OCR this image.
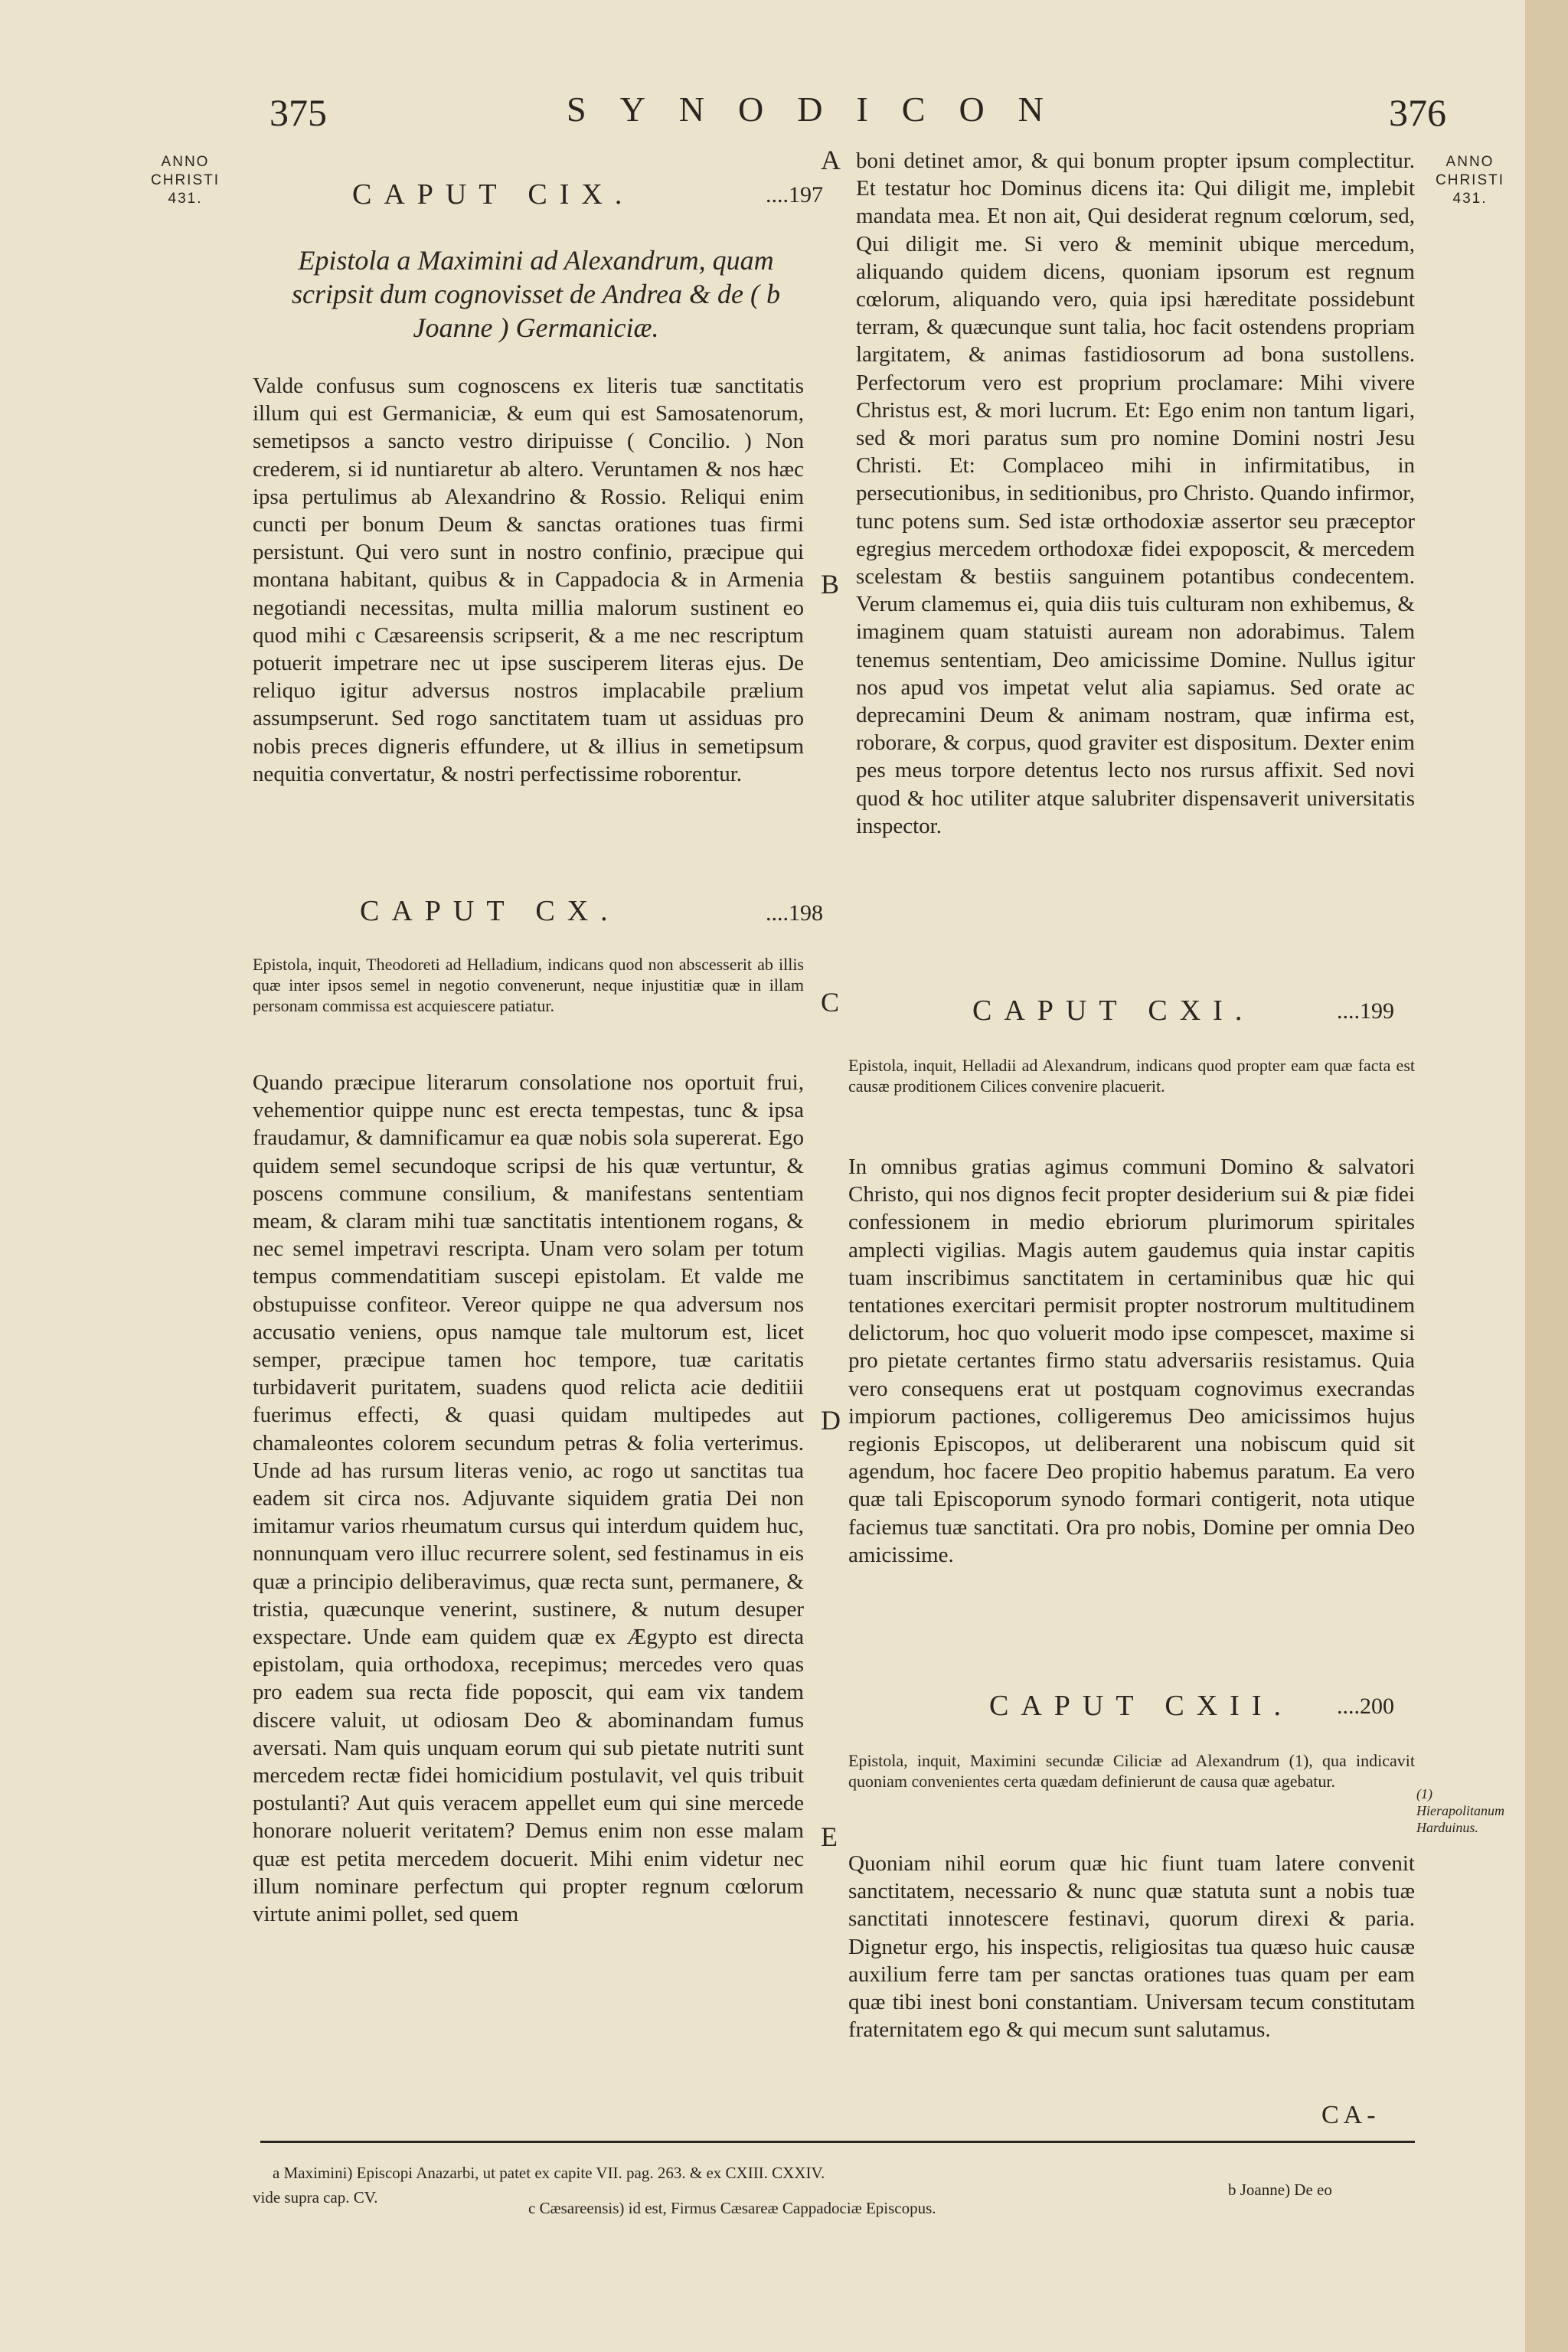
375	SYNODICON	376
ANNO
CHRISTI
431.
ANNO
CHRISTI
431.
CAPUT CIX.	....197
Epistola a Maximini ad Alexandrum, quam scripsit dum cognovisset de Andrea & de ( b Joanne ) Germaniciæ.
Valde confusus sum cognoscens ex literis tuæ sanctitatis illum qui est Germaniciæ, & eum qui est Samosatenorum, semetipsos a sancto vestro diripuisse ( Concilio. ) Non crederem, si id nuntiaretur ab altero. Veruntamen & nos hæc ipsa pertulimus ab Alexandrino & Rossio. Reliqui enim cuncti per bonum Deum & sanctas orationes tuas firmi persistunt. Qui vero sunt in nostro confinio, præcipue qui montana habitant, quibus & in Cappadocia & in Armenia negotiandi necessitas, multa millia malorum sustinent eo quod mihi c Cæsareensis scripserit, & a me nec rescriptum potuerit impetrare nec ut ipse susciperem literas ejus. De reliquo igitur adversus nostros implacabile prælium assumpserunt. Sed rogo sanctitatem tuam ut assiduas pro nobis preces digneris effundere, ut & illius in semetipsum nequitia convertatur, & nostri perfectissime roborentur.
CAPUT CX.	....198
Epistola, inquit, Theodoreti ad Helladium, indicans quod non abscesserit ab illis quæ inter ipsos semel in negotio convenerunt, neque injustitiæ quæ in illam personam commissa est acquiescere patiatur.
Quando præcipue literarum consolatione nos oportuit frui, vehementior quippe nunc est erecta tempestas, tunc & ipsa fraudamur, & damnificamur ea quæ nobis sola supererat. Ego quidem semel secundoque scripsi de his quæ vertuntur, & poscens commune consilium, & manifestans sententiam meam, & claram mihi tuæ sanctitatis intentionem rogans, & nec semel impetravi rescripta. Unam vero solam per totum tempus commendatitiam suscepi epistolam. Et valde me obstupuisse confiteor. Vereor quippe ne qua adversum nos accusatio veniens, opus namque tale multorum est, licet semper, præcipue tamen hoc tempore, tuæ caritatis turbidaverit puritatem, suadens quod relicta acie deditiii fuerimus effecti, & quasi quidam multipedes aut chamaleontes colorem secundum petras & folia verterimus. Unde ad has rursum literas venio, ac rogo ut sanctitas tua eadem sit circa nos. Adjuvante siquidem gratia Dei non imitamur varios rheumatum cursus qui interdum quidem huc, nonnunquam vero illuc recurrere solent, sed festinamus in eis quæ a principio deliberavimus, quæ recta sunt, permanere, & tristia, quæcunque venerint, sustinere, & nutum desuper exspectare. Unde eam quidem quæ ex Ægypto est directa epistolam, quia orthodoxa, recepimus; mercedes vero quas pro eadem sua recta fide poposcit, qui eam vix tandem discere valuit, ut odiosam Deo & abominandam fumus aversati. Nam quis unquam eorum qui sub pietate nutriti sunt mercedem rectæ fidei homicidium postulavit, vel quis tribuit postulanti? Aut quis veracem appellet eum qui sine mercede honorare noluerit veritatem? Demus enim non esse malam quæ est petita mercedem docuerit. Mihi enim videtur nec illum nominare perfectum qui propter regnum cœlorum virtute animi pollet, sed quem
A
B
C
D
E
boni detinet amor, & qui bonum propter ipsum complectitur. Et testatur hoc Dominus dicens ita: Qui diligit me, implebit mandata mea. Et non ait, Qui desiderat regnum cœlorum, sed, Qui diligit me. Si vero & meminit ubique mercedum, aliquando quidem dicens, quoniam ipsorum est regnum cœlorum, aliquando vero, quia ipsi hæreditate possidebunt terram, & quæcunque sunt talia, hoc facit ostendens propriam largitatem, & animas fastidiosorum ad bona sustollens. Perfectorum vero est proprium proclamare: Mihi vivere Christus est, & mori lucrum. Et: Ego enim non tantum ligari, sed & mori paratus sum pro nomine Domini nostri Jesu Christi. Et: Complaceo mihi in infirmitatibus, in persecutionibus, in seditionibus, pro Christo. Quando infirmor, tunc potens sum. Sed istæ orthodoxiæ assertor seu præceptor egregius mercedem orthodoxæ fidei expoposcit, & mercedem scelestam & bestiis sanguinem potantibus condecentem. Verum clamemus ei, quia diis tuis culturam non exhibemus, & imaginem quam statuisti auream non adorabimus. Talem tenemus sententiam, Deo amicissime Domine. Nullus igitur nos apud vos impetat velut alia sapiamus. Sed orate ac deprecamini Deum & animam nostram, quæ infirma est, roborare, & corpus, quod graviter est dispositum. Dexter enim pes meus torpore detentus lecto nos rursus affixit. Sed novi quod & hoc utiliter atque salubriter dispensaverit universitatis inspector.
CAPUT CXI.	....199
Epistola, inquit, Helladii ad Alexandrum, indicans quod propter eam quæ facta est causæ proditionem Cilices convenire placuerit.
In omnibus gratias agimus communi Domino & salvatori Christo, qui nos dignos fecit propter desiderium sui & piæ fidei confessionem in medio ebriorum plurimorum spiritales amplecti vigilias. Magis autem gaudemus quia instar capitis tuam inscribimus sanctitatem in certaminibus quæ hic qui tentationes exercitari permisit propter nostrorum multitudinem delictorum, hoc quo voluerit modo ipse compescet, maxime si pro pietate certantes firmo statu adversariis resistamus. Quia vero consequens erat ut postquam cognovimus execrandas impiorum pactiones, colligeremus Deo amicissimos hujus regionis Episcopos, ut deliberarent una nobiscum quid sit agendum, hoc facere Deo propitio habemus paratum. Ea vero quæ tali Episcoporum synodo formari contigerit, nota utique faciemus tuæ sanctitati. Ora pro nobis, Domine per omnia Deo amicissime.
CAPUT CXII. ....200
Epistola, inquit, Maximini secundæ Ciliciæ ad Alexandrum (1), qua indicavit quoniam convenientes certa quædam definierunt de causa quæ agebatur.
(1) Hierapolitanum Harduinus.
Quoniam nihil eorum quæ hic fiunt tuam latere convenit sanctitatem, necessario & nunc quæ statuta sunt a nobis tuæ sanctitati innotescere festinavi, quorum direxi & paria. Dignetur ergo, his inspectis, religiositas tua quæso huic causæ auxilium ferre tam per sanctas orationes tuas quam per eam quæ tibi inest boni constantiam. Universam tecum constitutam fraternitatem ego & qui mecum sunt salutamus.
CA-
a Maximini) Episcopi Anazarbi, ut patet ex capite VII. pag. 263. & ex CXIII. CXXIV.
b Joanne) De eo
vide supra cap. CV.
c Cæsareensis) id est, Firmus Cæsareæ Cappadociæ Episcopus.
